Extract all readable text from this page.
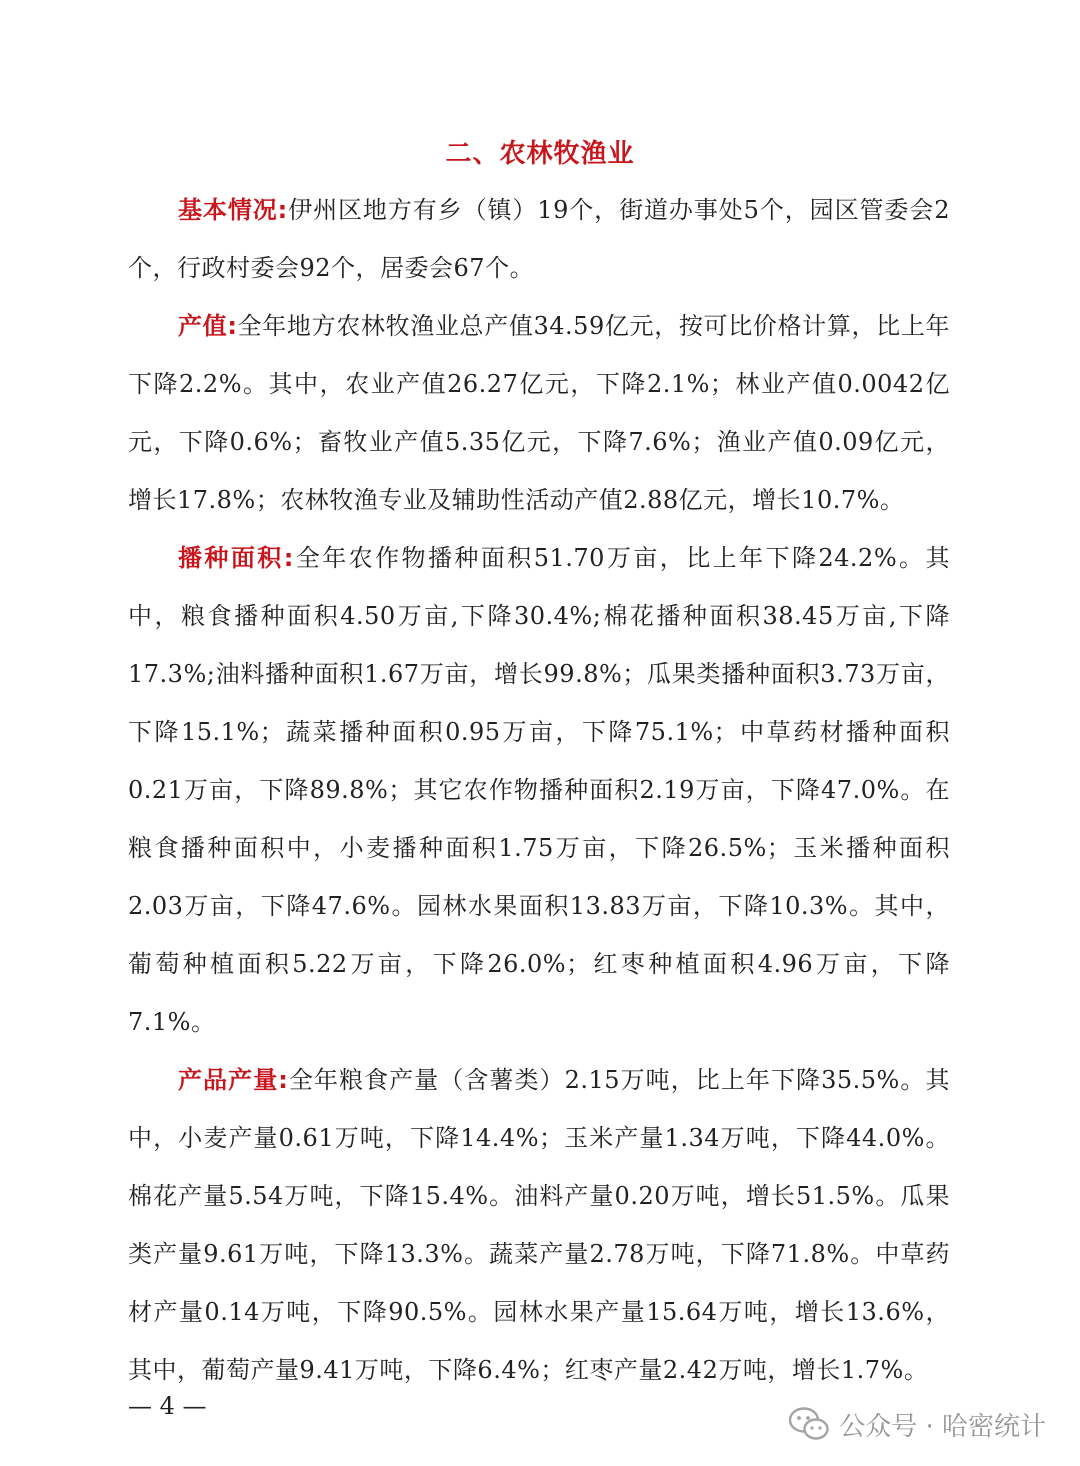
二、农林牧渔业

基本情况:伊州区地方有乡（镇）19个，街道办事处5个，园区管委会2个，行政村委会92个，居委会67个。

产值:全年地方农林牧渔业总产值34.59亿元，按可比价格计算，比上年下降2.2%。其中，农业产值26.27亿元，下降2.1%；林业产值0.0042亿元，下降0.6%；畜牧业产值5.35亿元，下降7.6%；渔业产值0.09亿元，增长17.8%；农林牧渔专业及辅助性活动产值2.88亿元，增长10.7%。

播种面积:全年农作物播种面积51.70万亩，比上年下降24.2%。其中，粮食播种面积4.50万亩,下降30.4%;棉花播种面积38.45万亩,下降17.3%;油料播种面积1.67万亩，增长99.8%；瓜果类播种面积3.73万亩，下降15.1%；蔬菜播种面积0.95万亩，下降75.1%；中草药材播种面积0.21万亩，下降89.8%；其它农作物播种面积2.19万亩，下降47.0%。在粮食播种面积中，小麦播种面积1.75万亩，下降26.5%；玉米播种面积2.03万亩，下降47.6%。园林水果面积13.83万亩，下降10.3%。其中，葡萄种植面积5.22万亩，下降26.0%；红枣种植面积4.96万亩，下降7.1%。

产品产量:全年粮食产量（含薯类）2.15万吨，比上年下降35.5%。其中，小麦产量0.61万吨，下降14.4%；玉米产量1.34万吨，下降44.0%。棉花产量5.54万吨，下降15.4%。油料产量0.20万吨，增长51.5%。瓜果类产量9.61万吨，下降13.3%。蔬菜产量2.78万吨，下降71.8%。中草药材产量0.14万吨，下降90.5%。园林水果产量15.64万吨，增长13.6%，其中，葡萄产量9.41万吨，下降6.4%；红枣产量2.42万吨，增长1.7%。

— 4 —
公众号 · 哈密统计
